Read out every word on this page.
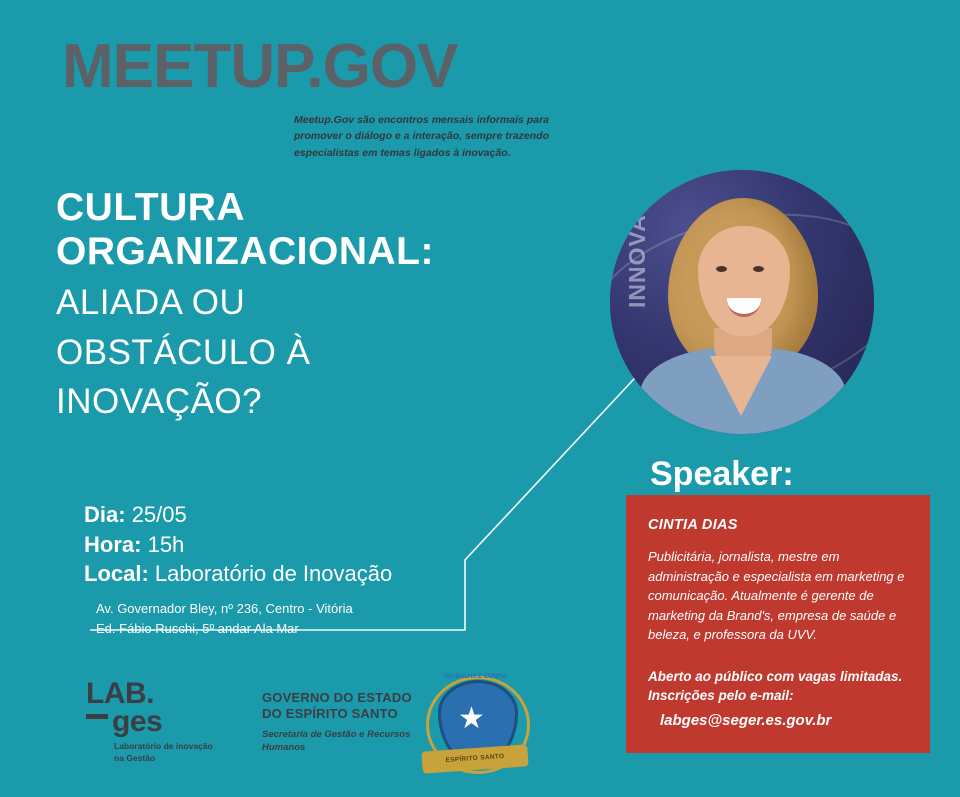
MEETUP.GOV
Meetup.Gov são encontros mensais informais para promover o diálogo e a interação, sempre trazendo especialistas em temas ligados à inovação.

CULTURA

ORGANIZACIONAL:

ALIADA OU

OBSTÁCULO À

INOVAÇÃO?

Dia: 25/05
Hora: 15h
Local: Laboratório de Inovação
Av. Governador Bley, nº 236, Centro - Vitória
Ed. Fábio Ruschi, 5º andar Ala Mar
INNOVATIO
Speaker:

CINTIA DIAS

Publicitária, jornalista, mestre em administração e especialista em marketing e comunicação. Atualmente é gerente de marketing da Brand's, empresa de saúde e beleza, e professora da UVV.

Aberto ao público com vagas limitadas.
Inscrições pelo e-mail:
labges@seger.es.gov.br
LAB.
ges
Laboratório de inovação na Gestão
GOVERNO DO ESTADO DO ESPÍRITO SANTO
Secretaria de Gestão e Recursos Humanos
TRABALHA E CONFIA
★
ESPÍRITO SANTO
